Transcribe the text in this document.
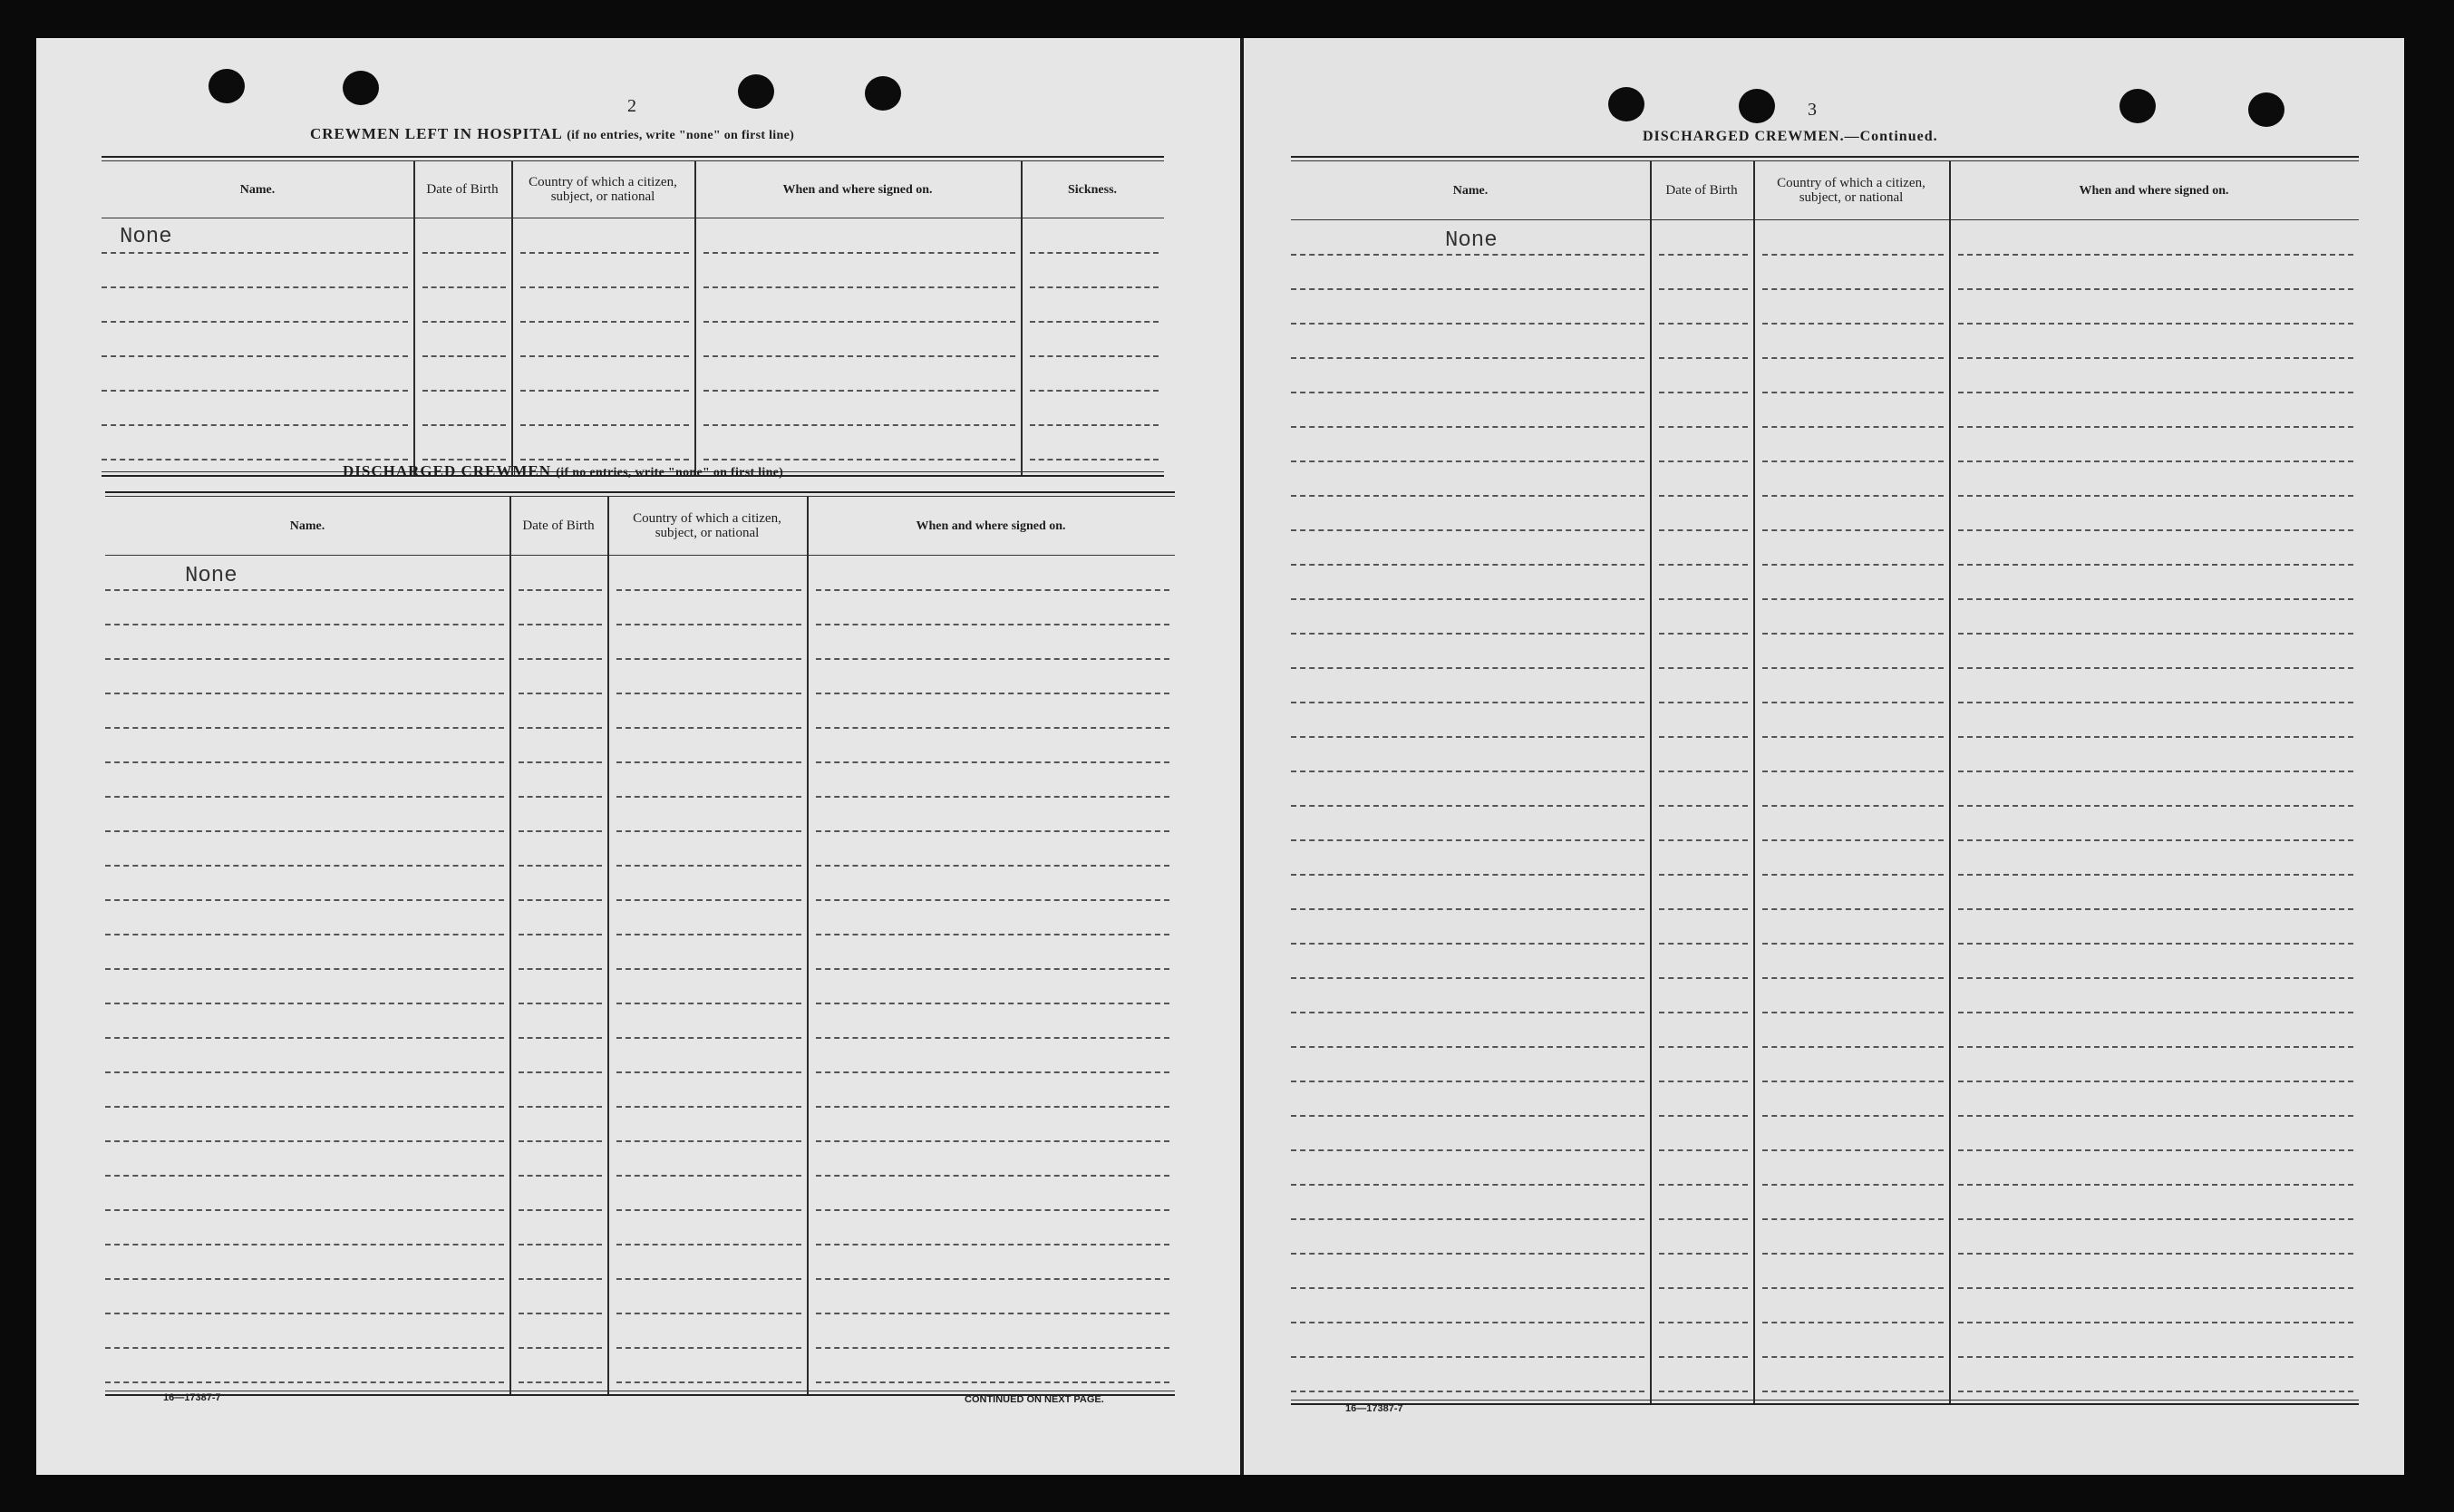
2
CREWMEN LEFT IN HOSPITAL (if no entries, write "none" on first line)
Name.	Date of Birth	Country of which a citizen, subject, or national	When and where signed on.	Sickness.
None
DISCHARGED CREWMEN (if no entries, write "none" on first line)
Name.	Date of Birth	Country of which a citizen, subject, or national	When and where signed on.
None
16—17387-7	CONTINUED ON NEXT PAGE.
3
DISCHARGED CREWMEN.—Continued.
Name.	Date of Birth	Country of which a citizen, subject, or national	When and where signed on.
None
16—17387-7
